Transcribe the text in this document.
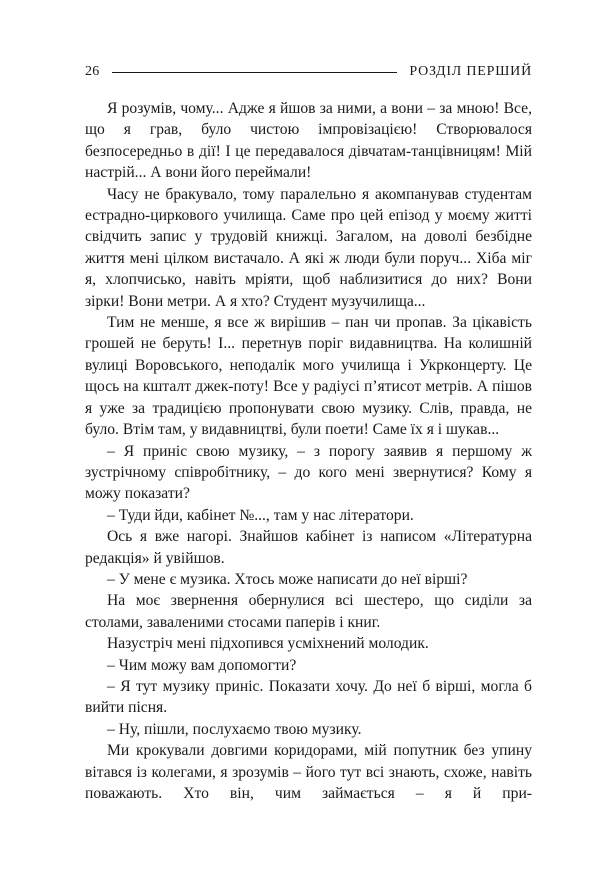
26	РОЗДІЛ ПЕРШИЙ

Я розумів, чому... Адже я йшов за ними, а вони – за мною! Все, що я грав, було чистою імпровізацією! Створювалося безпосередньо в дії! І це передавалося дівчатам-танцівницям! Мій настрій... А вони його переймали!

Часу не бракувало, тому паралельно я акомпанував студентам естрадно-циркового училища. Саме про цей епізод у моєму житті свідчить запис у трудовій книжці. Загалом, на доволі безбідне життя мені цілком вистачало. А які ж люди були поруч... Хіба міг я, хлопчисько, навіть мріяти, щоб наблизитися до них? Вони зірки! Вони метри. А я хто? Студент музучилища...

Тим не менше, я все ж вирішив – пан чи пропав. За цікавість грошей не беруть! І... перетнув поріг видавництва. На колишній вулиці Воровського, неподалік мого училища і Укрконцерту. Це щось на кшталт джек-поту! Все у радіусі п’ятисот метрів. А пішов я уже за традицією пропонувати свою музику. Слів, правда, не було. Втім там, у видавництві, були поети! Саме їх я і шукав...

– Я приніс свою музику, – з порогу заявив я першому ж зустрічному співробітнику, – до кого мені звернутися? Кому я можу показати?

– Туди йди, кабінет №..., там у нас літератори.

Ось я вже нагорі. Знайшов кабінет із написом «Літературна редакція» й увійшов.

– У мене є музика. Хтось може написати до неї вірші?

На моє звернення обернулися всі шестеро, що сиділи за столами, заваленими стосами паперів і книг.

Назустріч мені підхопився усміхнений молодик.

– Чим можу вам допомогти?

– Я тут музику приніс. Показати хочу. До неї б вірші, могла б вийти пісня.

– Ну, пішли, послухаємо твою музику.

Ми крокували довгими коридорами, мій попутник без упину вітався із колегами, я зрозумів – його тут всі знають, схоже, навіть поважають. Хто він, чим займається – я й при-
